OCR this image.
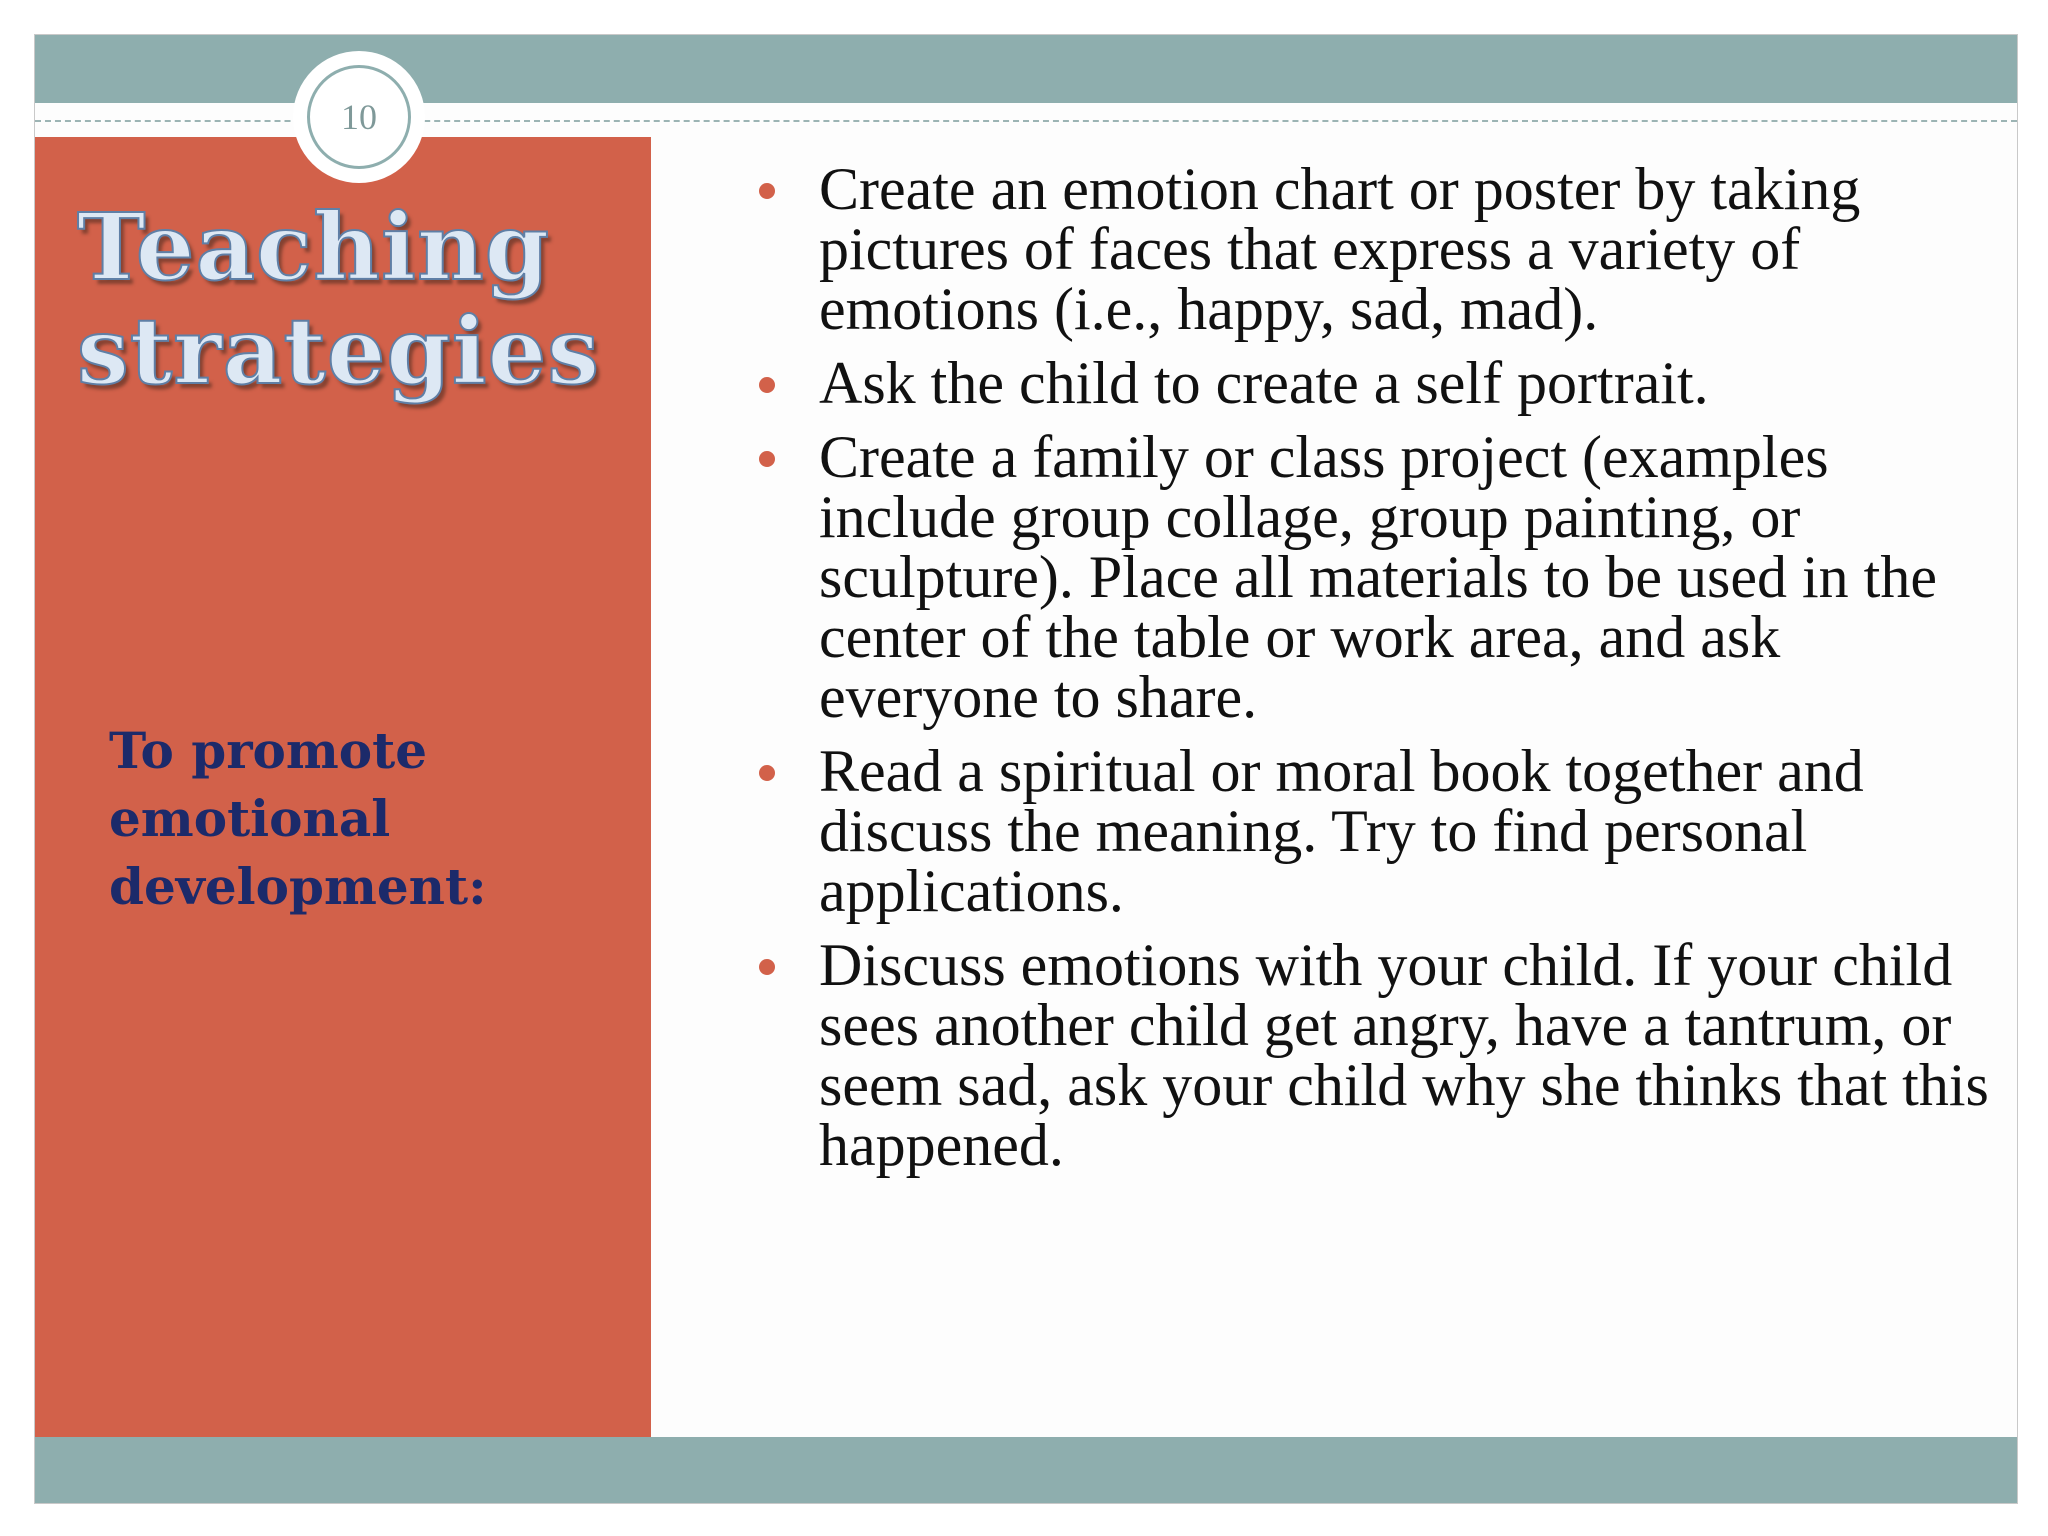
10
Teaching
strategies
To promote
emotional
development:
Create an emotion chart or poster by taking pictures of faces that express a variety of emotions (i.e., happy, sad, mad).
Ask the child to create a self portrait.
Create a family or class project (examples include group collage, group painting, or sculpture). Place all materials to be used in the center of the table or work area, and ask everyone to share.
Read a spiritual or moral book together and discuss the meaning. Try to find personal applications.
Discuss emotions with your child. If your child sees another child get angry, have a tantrum, or seem sad, ask your child why she thinks that this happened.
